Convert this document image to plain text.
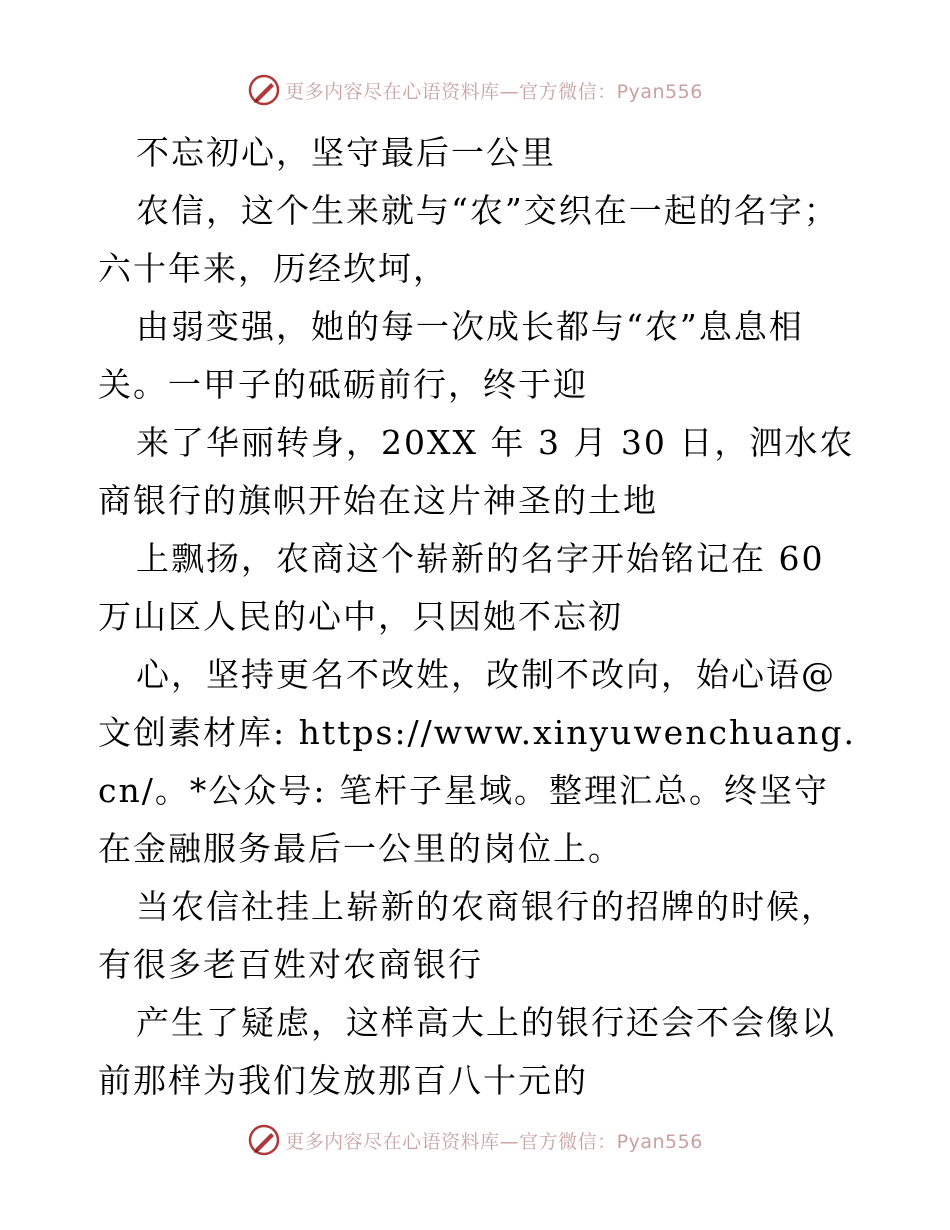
更多内容尽在心语资料库—官方微信：Pyan556

不忘初心，坚守最后一公里

农信，这个生来就与“农”交织在一起的名字；六十年来，历经坎坷，

由弱变强，她的每一次成长都与“农”息息相关。一甲子的砥砺前行，终于迎

来了华丽转身，20XX 年 3 月 30 日，泗水农商银行的旗帜开始在这片神圣的土地

上飘扬，农商这个崭新的名字开始铭记在 60 万山区人民的心中，只因她不忘初

心，坚持更名不改姓，改制不改向，始心语@文创素材库: https://www.xinyuwenchuang.cn/。*公众号: 笔杆子星域。整理汇总。终坚守在金融服务最后一公里的岗位上。

当农信社挂上崭新的农商银行的招牌的时候，有很多老百姓对农商银行

产生了疑虑，这样高大上的银行还会不会像以前那样为我们发放那百八十元的

更多内容尽在心语资料库—官方微信：Pyan556
